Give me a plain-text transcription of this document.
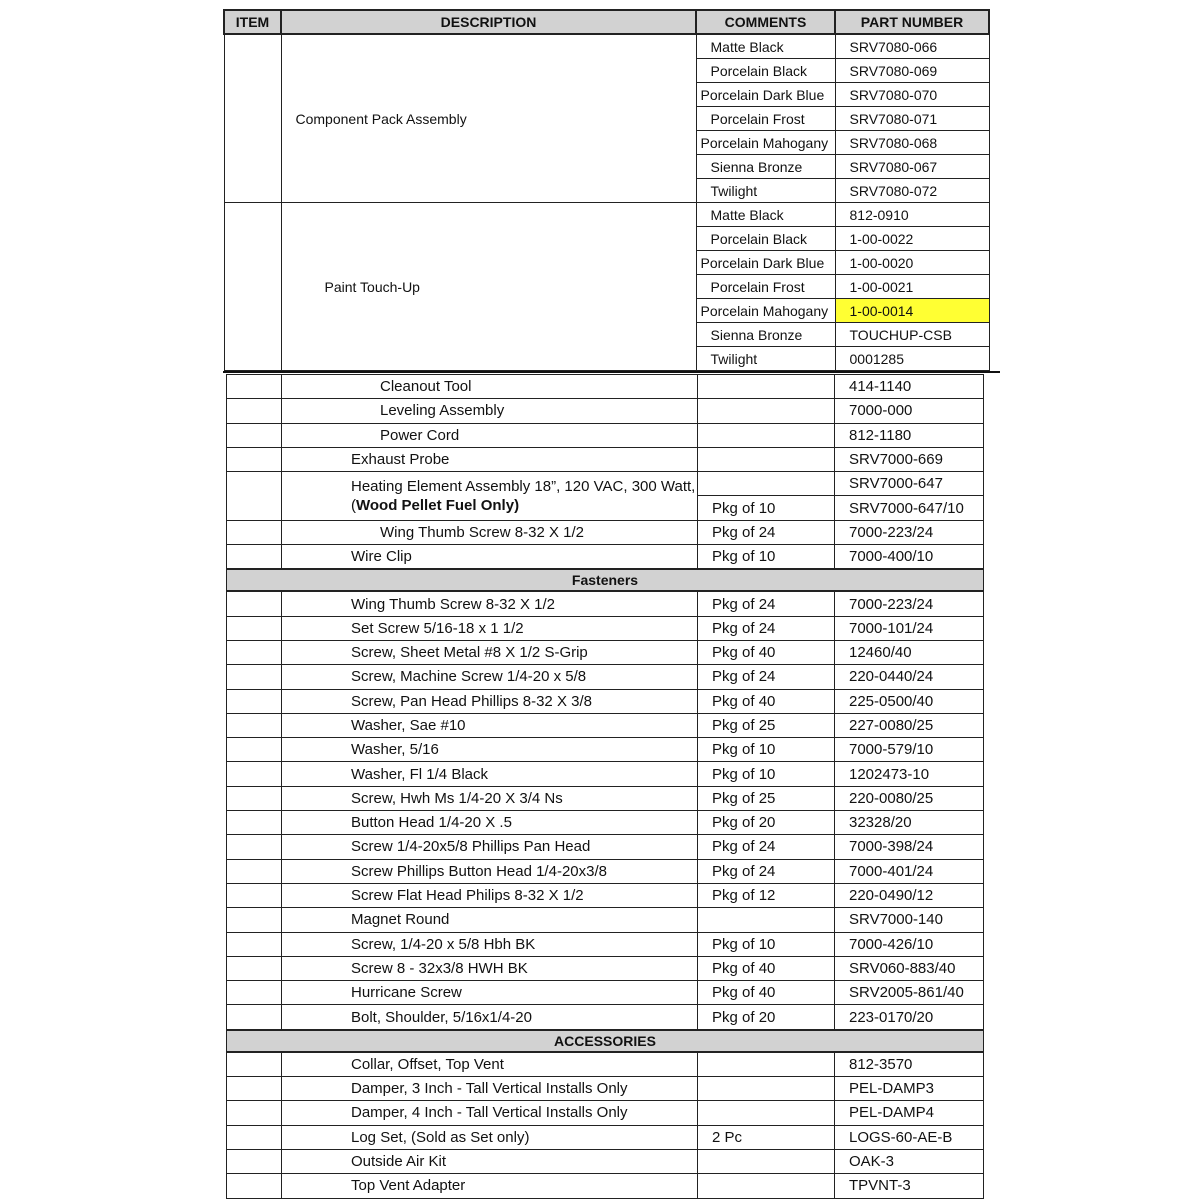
ITEM	DESCRIPTION	COMMENTS	PART NUMBER
	Component Pack Assembly	Matte Black	SRV7080-066
		Porcelain Black	SRV7080-069
		Porcelain Dark Blue	SRV7080-070
		Porcelain Frost	SRV7080-071
		Porcelain Mahogany	SRV7080-068
		Sienna Bronze	SRV7080-067
		Twilight	SRV7080-072
	Paint Touch-Up	Matte Black	812-0910
		Porcelain Black	1-00-0022
		Porcelain Dark Blue	1-00-0020
		Porcelain Frost	1-00-0021
		Porcelain Mahogany	1-00-0014
		Sienna Bronze	TOUCHUP-CSB
		Twilight	0001285
	Cleanout Tool		414-1140
	Leveling Assembly		7000-000
	Power Cord		812-1180
	Exhaust Probe		SRV7000-669
	Heating Element Assembly 18”, 120 VAC, 300 Watt,
(Wood Pellet Fuel Only)		SRV7000-647
		Pkg of 10	SRV7000-647/10
	Wing Thumb Screw 8-32 X 1/2	Pkg of 24	7000-223/24
	Wire Clip	Pkg of 10	7000-400/10
Fasteners			
	Wing Thumb Screw 8-32 X 1/2	Pkg of 24	7000-223/24
	Set Screw 5/16-18 x 1 1/2	Pkg of 24	7000-101/24
	Screw, Sheet Metal #8 X 1/2 S-Grip	Pkg of 40	12460/40
	Screw, Machine Screw 1/4-20 x 5/8	Pkg of 24	220-0440/24
	Screw, Pan Head Phillips 8-32 X 3/8	Pkg of 40	225-0500/40
	Washer, Sae #10	Pkg of 25	227-0080/25
	Washer, 5/16	Pkg of 10	7000-579/10
	Washer, Fl 1/4 Black	Pkg of 10	1202473-10
	Screw, Hwh Ms 1/4-20 X 3/4 Ns	Pkg of 25	220-0080/25
	Button Head 1/4-20 X .5	Pkg of 20	32328/20
	Screw 1/4-20x5/8 Phillips Pan Head	Pkg of 24	7000-398/24
	Screw Phillips Button Head 1/4-20x3/8	Pkg of 24	7000-401/24
	Screw Flat Head Philips 8-32 X 1/2	Pkg of 12	220-0490/12
	Magnet Round		SRV7000-140
	Screw, 1/4-20 x 5/8 Hbh BK	Pkg of 10	7000-426/10
	Screw 8 - 32x3/8 HWH BK	Pkg of 40	SRV060-883/40
	Hurricane Screw	Pkg of 40	SRV2005-861/40
	Bolt, Shoulder, 5/16x1/4-20	Pkg of 20	223-0170/20
ACCESSORIES			
	Collar, Offset, Top Vent		812-3570
	Damper, 3 Inch - Tall Vertical Installs Only		PEL-DAMP3
	Damper, 4 Inch - Tall Vertical Installs Only		PEL-DAMP4
	Log Set, (Sold as Set only)	2 Pc	LOGS-60-AE-B
	Outside Air Kit		OAK-3
	Top Vent Adapter		TPVNT-3
